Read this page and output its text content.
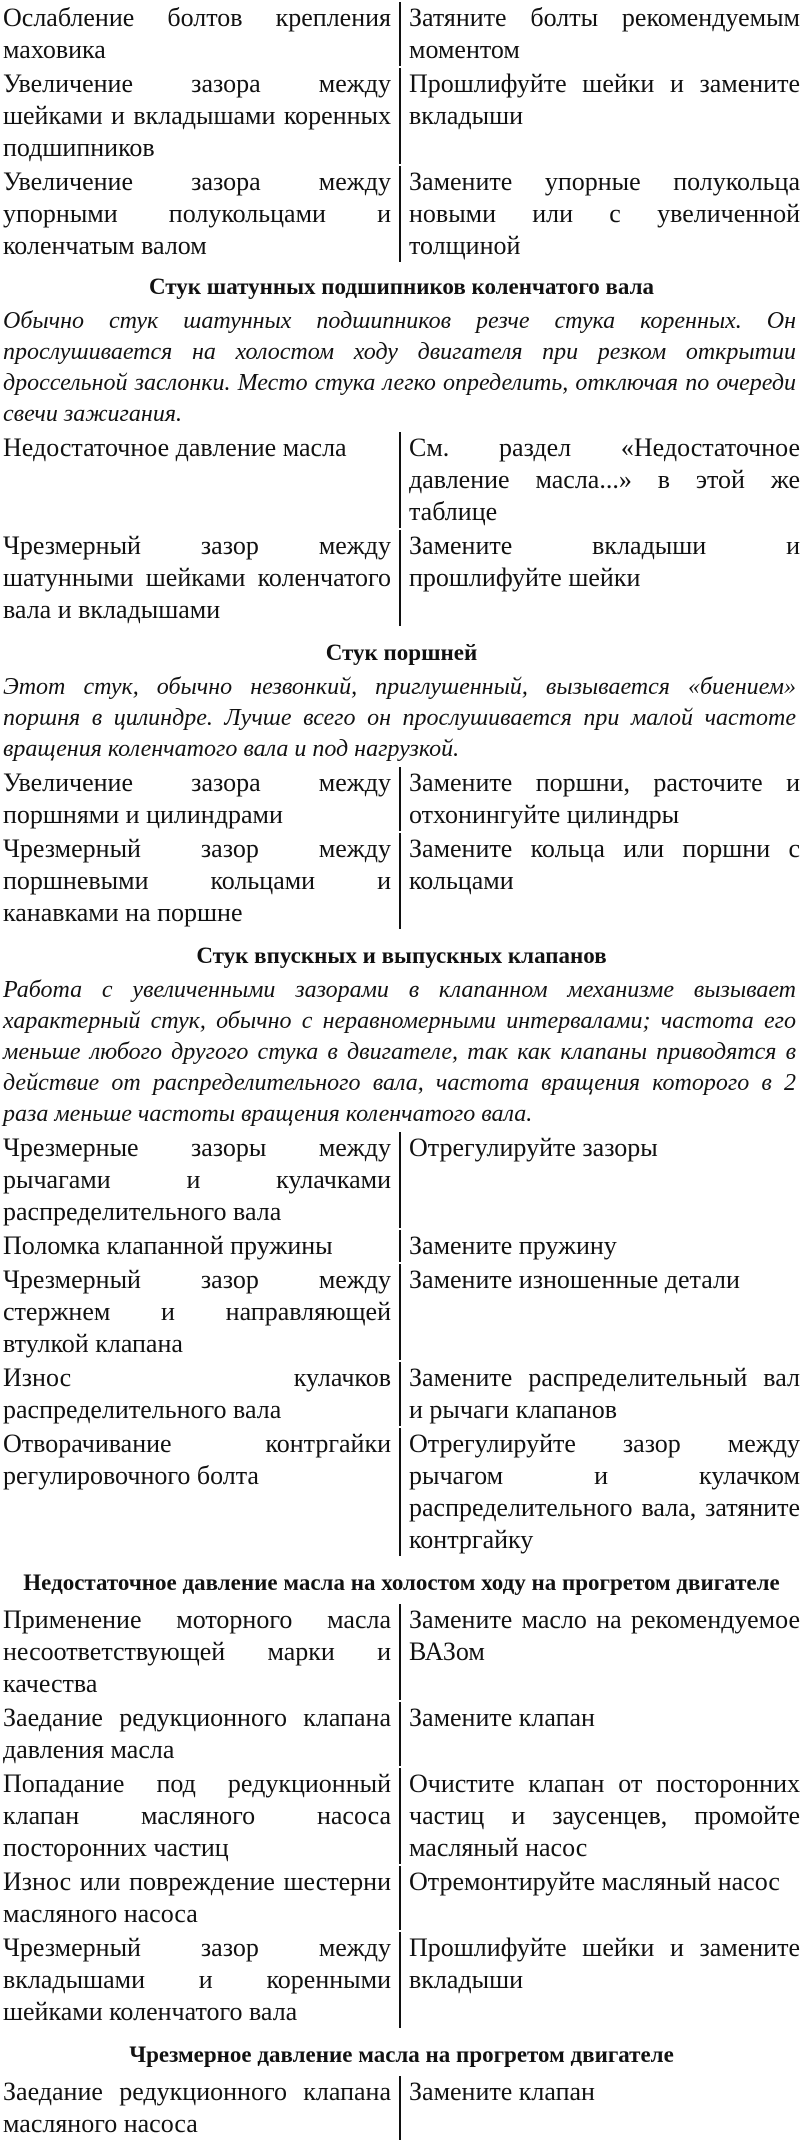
Ослабление болтов крепления маховика
Затяните болты рекомендуемым моментом
Увеличение зазора между шейками и вкладышами коренных подшипников
Прошлифуйте шейки и замените вкладыши
Увеличение зазора между упорными полукольцами и коленчатым валом
Замените упорные полукольца новыми или с увеличенной толщиной
Стук шатунных подшипников коленчатого вала
Обычно стук шатунных подшипников резче стука коренных. Он прослушивается на холостом ходу двигателя при резком открытии дроссельной заслонки. Место стука легко определить, отключая по очереди свечи зажигания.
Недостаточное давление масла	См. раздел «Недостаточное давление масла...» в этой же таблице
Чрезмерный зазор между шатунными шейками коленчатого вала и вкладышами
Замените вкладыши и прошлифуйте шейки
Стук поршней
Этот стук, обычно незвонкий, приглушенный, вызывается «биением» поршня в цилиндре. Лучше всего он прослушивается при малой частоте вращения коленчатого вала и под нагрузкой.
Увеличение зазора между поршнями и цилиндрами
Замените поршни, расточите и отхонингуйте цилиндры
Чрезмерный зазор между поршневыми кольцами и канавками на поршне
Замените кольца или поршни с кольцами
Стук впускных и выпускных клапанов
Работа с увеличенными зазорами в клапанном механизме вызывает характерный стук, обычно с неравномерными интервалами; частота его меньше любого другого стука в двигателе, так как клапаны приводятся в действие от распределительного вала, частота вращения которого в 2 раза меньше частоты вращения коленчатого вала.
Чрезмерные зазоры между рычагами и кулачками распределительного вала
Отрегулируйте зазоры
Поломка клапанной пружины	Замените пружину
Чрезмерный зазор между стержнем и направляющей втулкой клапана
Замените изношенные детали
Износ кулачков распределительного вала
Замените распределительный вал и рычаги клапанов
Отворачивание контргайки регулировочного болта
Отрегулируйте зазор между рычагом и кулачком распределительного вала, затяните контргайку
Недостаточное давление масла на холостом ходу на прогретом двигателе
Применение моторного масла несоответствующей марки и качества
Замените масло на рекомендуемое ВАЗом
Заедание редукционного клапана давления масла
Замените клапан
Попадание под редукционный клапан масляного насоса посторонних частиц
Очистите клапан от посторонних частиц и заусенцев, промойте масляный насос
Износ или повреждение шестерни масляного насоса
Отремонтируйте масляный насос
Чрезмерный зазор между вкладышами и коренными шейками коленчатого вала
Прошлифуйте шейки и замените вкладыши
Чрезмерное давление масла на прогретом двигателе
Заедание редукционного клапана масляного насоса
Замените клапан
